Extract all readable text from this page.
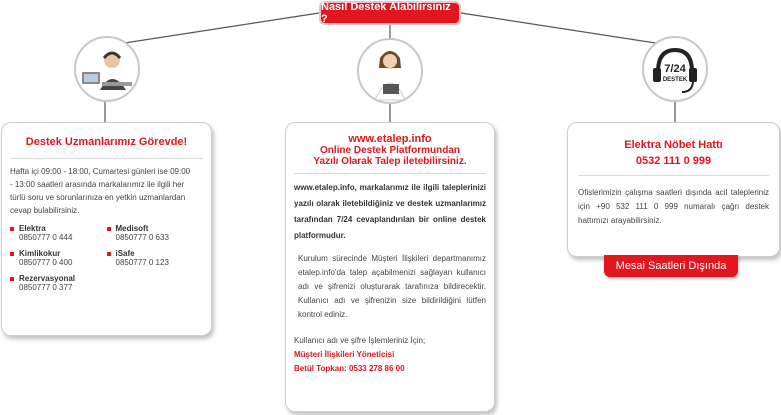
Nasıl Destek Alabilirsiniz ?
7/24
DESTEK
Destek Uzmanlarımız Görevde!
Hafta içi 09:00 - 18:00, Cumartesi günleri ise 09:00 - 13:00 saatleri arasında markalarımız ile ilgili her türlü soru ve sorunlarınıza en yetkin uzmanlardan cevap bulabilirsiniz.
Elektra
0850777 0 444
Medisoft
0850777 0 633
Kimlikokur
0850777 0 400
iSafe
0850777 0 123
Rezervasyonal
0850777 0 377
www.etalep.info
Online Destek Platformundan
Yazılı Olarak Talep iletebilirsiniz.
www.etalep.info, markalarımız ile ilgili taleplerinizi yazılı olarak iletebildiğiniz ve destek uzmanlarımız tarafından 7/24 cevaplandırılan bir online destek platformudur.
Kurulum sürecinde Müşteri İlişkileri departmanımız etalep.info'da talep açabilmenizi sağlayan kullanıcı adı ve şifrenizi oluşturarak tarafınıza bildirecektir. Kullanıcı adı ve şifrenizin size bildirildiğini lütfen kontrol ediniz.
Kullanıcı adı ve şifre İşlemleriniz İçin;
Müşteri İlişkileri Yöneticisi
Betül Topkan: 0533 278 86 00
Elektra Nöbet Hattı
0532 111 0 999
Ofislerimizin çalışma saatleri dışında acil talepleriniz için +90 532 111 0 999 numaralı çağrı destek hattımızı arayabilirsiniz.
Mesai Saatleri Dışında
